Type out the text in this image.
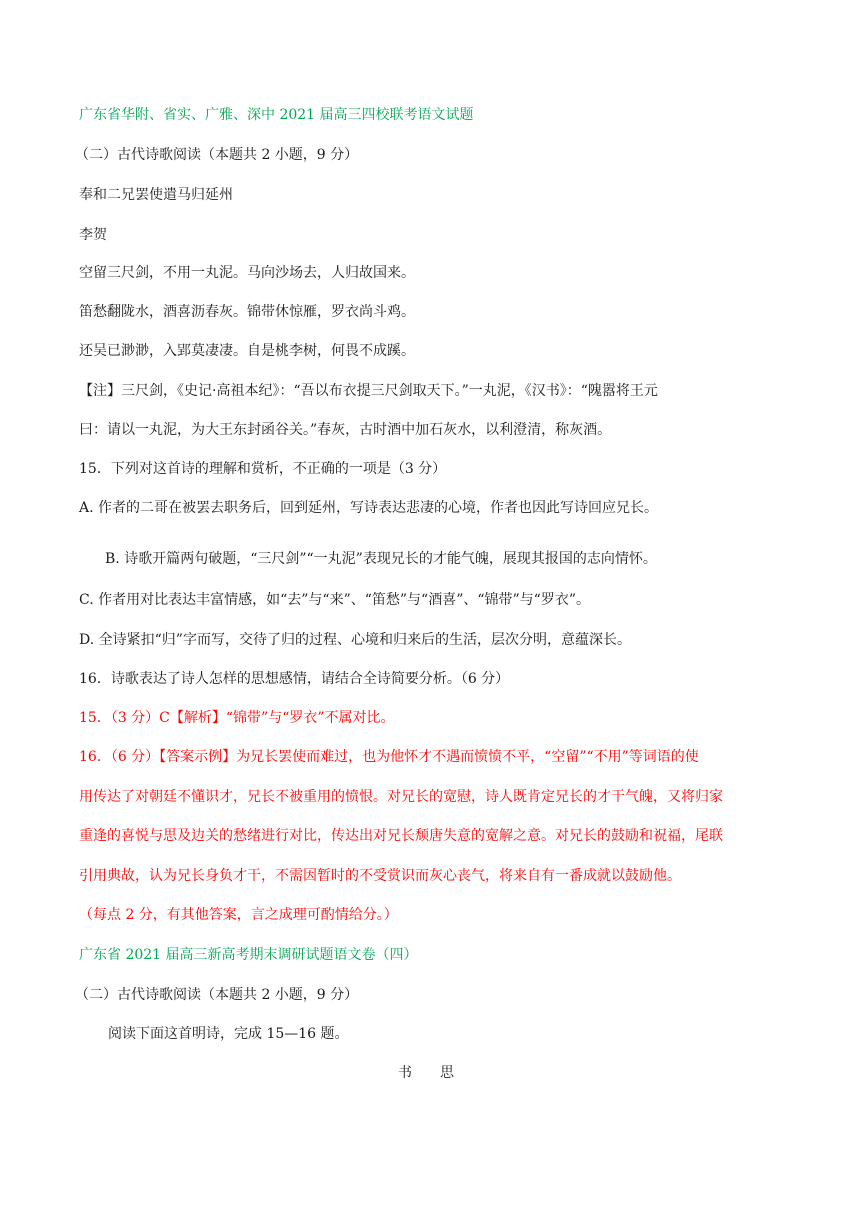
广东省华附、省实、广雅、深中 2021 届高三四校联考语文试题
（二）古代诗歌阅读（本题共 2 小题，9 分）
奉和二兄罢使遣马归延州
李贺
空留三尺剑，不用一丸泥。马向沙场去，人归故国来。
笛愁翻陇水，酒喜沥春灰。锦带休惊雁，罗衣尚斗鸡。
还吴已渺渺，入郢莫凄凄。自是桃李树，何畏不成蹊。
【注】三尺剑，《史记·高祖本纪》：“吾以布衣提三尺剑取天下。”一丸泥，《汉书》：“隗嚣将王元
曰：请以一丸泥，为大王东封函谷关。”春灰，古时酒中加石灰水，以利澄清，称灰酒。
15．下列对这首诗的理解和赏析，不正确的一项是（3 分）
A. 作者的二哥在被罢去职务后，回到延州，写诗表达悲凄的心境，作者也因此写诗回应兄长。
B. 诗歌开篇两句破题，“三尺剑”“一丸泥”表现兄长的才能气魄，展现其报国的志向情怀。
C. 作者用对比表达丰富情感，如“去”与“来”、“笛愁”与“酒喜”、“锦带”与“罗衣”。
D. 全诗紧扣“归”字而写，交待了归的过程、心境和归来后的生活，层次分明，意蕴深长。
16．诗歌表达了诗人怎样的思想感情，请结合全诗简要分析。（6 分）
15．（3 分）C【解析】“锦带”与“罗衣”不属对比。
16．（6 分）【答案示例】为兄长罢使而难过，也为他怀才不遇而愤愤不平，“空留”“不用”等词语的使
用传达了对朝廷不懂识才，兄长不被重用的愤恨。对兄长的宽慰，诗人既肯定兄长的才干气魄，又将归家
重逢的喜悦与思及边关的愁绪进行对比，传达出对兄长颓唐失意的宽解之意。对兄长的鼓励和祝福，尾联
引用典故，认为兄长身负才干，不需因暂时的不受赏识而灰心丧气，将来自有一番成就以鼓励他。
（每点 2 分，有其他答案，言之成理可酌情给分。）
广东省 2021 届高三新高考期末调研试题语文卷（四）
（二）古代诗歌阅读（本题共 2 小题，9 分）
阅读下面这首明诗，完成 15—16 题。
书　　思
